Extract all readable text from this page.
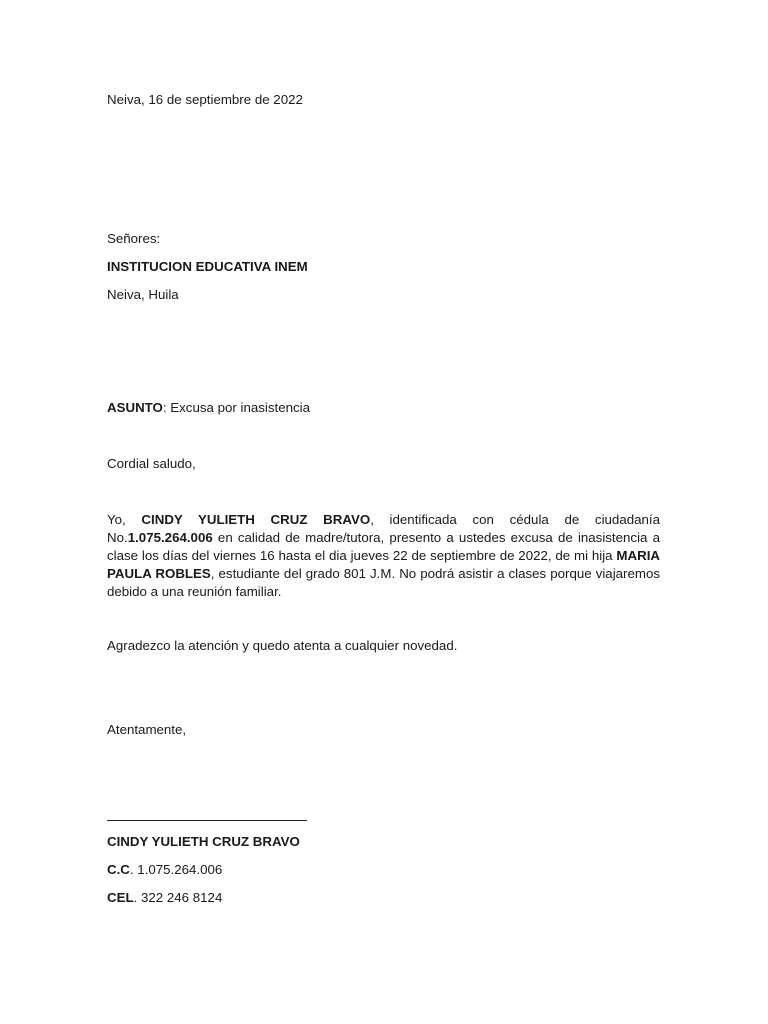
Neiva, 16 de septiembre de 2022
Señores:
INSTITUCION EDUCATIVA INEM
Neiva, Huila
ASUNTO: Excusa por inasistencia
Cordial saludo,
Yo, CINDY YULIETH CRUZ BRAVO, identificada con cédula de ciudadanía No.1.075.264.006 en calidad de madre/tutora, presento a ustedes excusa de inasistencia a clase los días del viernes 16 hasta el dia jueves 22 de septiembre de 2022, de mi hija MARIA PAULA ROBLES, estudiante del grado 801 J.M. No podrá asistir a clases porque viajaremos debido a una reunión familiar.
Agradezco la atención y quedo atenta a cualquier novedad.
Atentamente,
CINDY YULIETH CRUZ BRAVO
C.C. 1.075.264.006
CEL. 322 246 8124
